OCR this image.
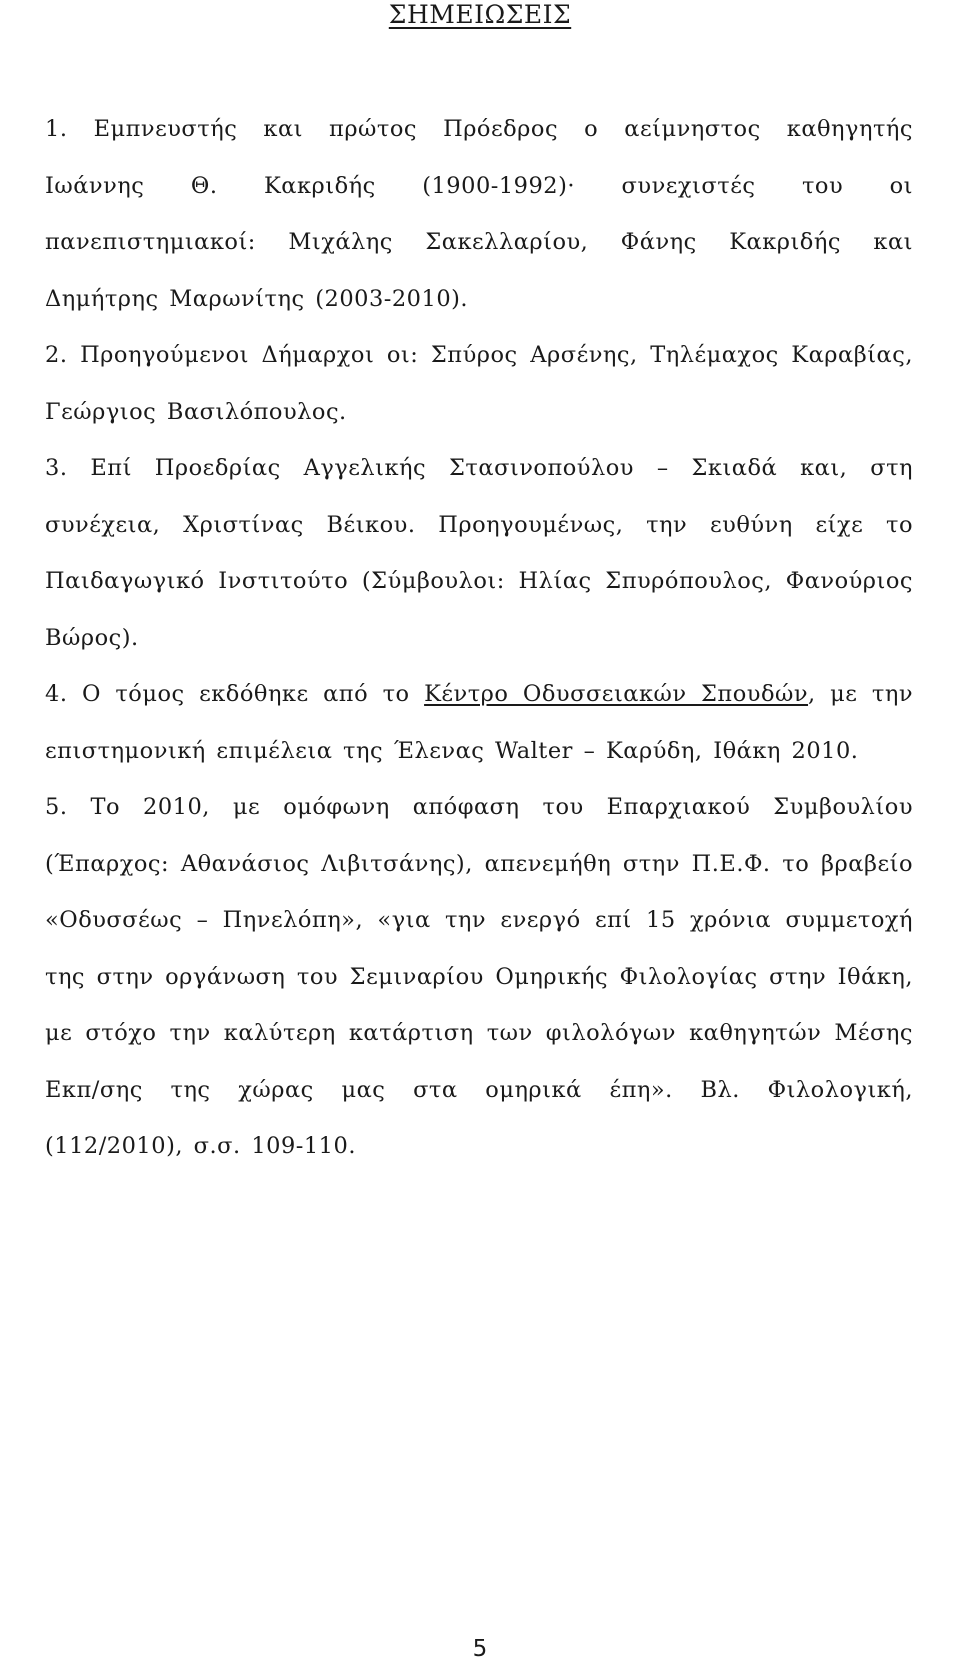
ΣΗΜΕΙΩΣΕΙΣ

1. Εμπνευστής και πρώτος Πρόεδρος ο αείμνηστος καθηγητής Ιωάννης Θ. Κακριδής (1900-1992)· συνεχιστές του οι πανεπιστημιακοί: Μιχάλης Σακελλαρίου, Φάνης Κακριδής και Δημήτρης Μαρωνίτης (2003-2010).

2. Προηγούμενοι Δήμαρχοι οι: Σπύρος Αρσένης, Τηλέμαχος Καραβίας, Γεώργιος Βασιλόπουλος.

3. Επί Προεδρίας Αγγελικής Στασινοπούλου – Σκιαδά και, στη συνέχεια, Χριστίνας Βέικου. Προηγουμένως, την ευθύνη είχε το Παιδαγωγικό Ινστιτούτο (Σύμβουλοι: Ηλίας Σπυρόπουλος, Φανούριος Βώρος).

4. Ο τόμος εκδόθηκε από το Κέντρο Οδυσσειακών Σπουδών, με την επιστημονική επιμέλεια της Έλενας Walter – Καρύδη, Ιθάκη 2010.

5. Το 2010, με ομόφωνη απόφαση του Επαρχιακού Συμβουλίου (Έπαρχος: Αθανάσιος Λιβιτσάνης), απενεμήθη στην Π.Ε.Φ. το βραβείο «Οδυσσέως – Πηνελόπη», «για την ενεργό επί 15 χρόνια συμμετοχή της στην οργάνωση του Σεμιναρίου Ομηρικής Φιλολογίας στην Ιθάκη, με στόχο την καλύτερη κατάρτιση των φιλολόγων καθηγητών Μέσης Εκπ/σης της χώρας μας στα ομηρικά έπη». Βλ. Φιλολογική, (112/2010), σ.σ. 109-110.

5
